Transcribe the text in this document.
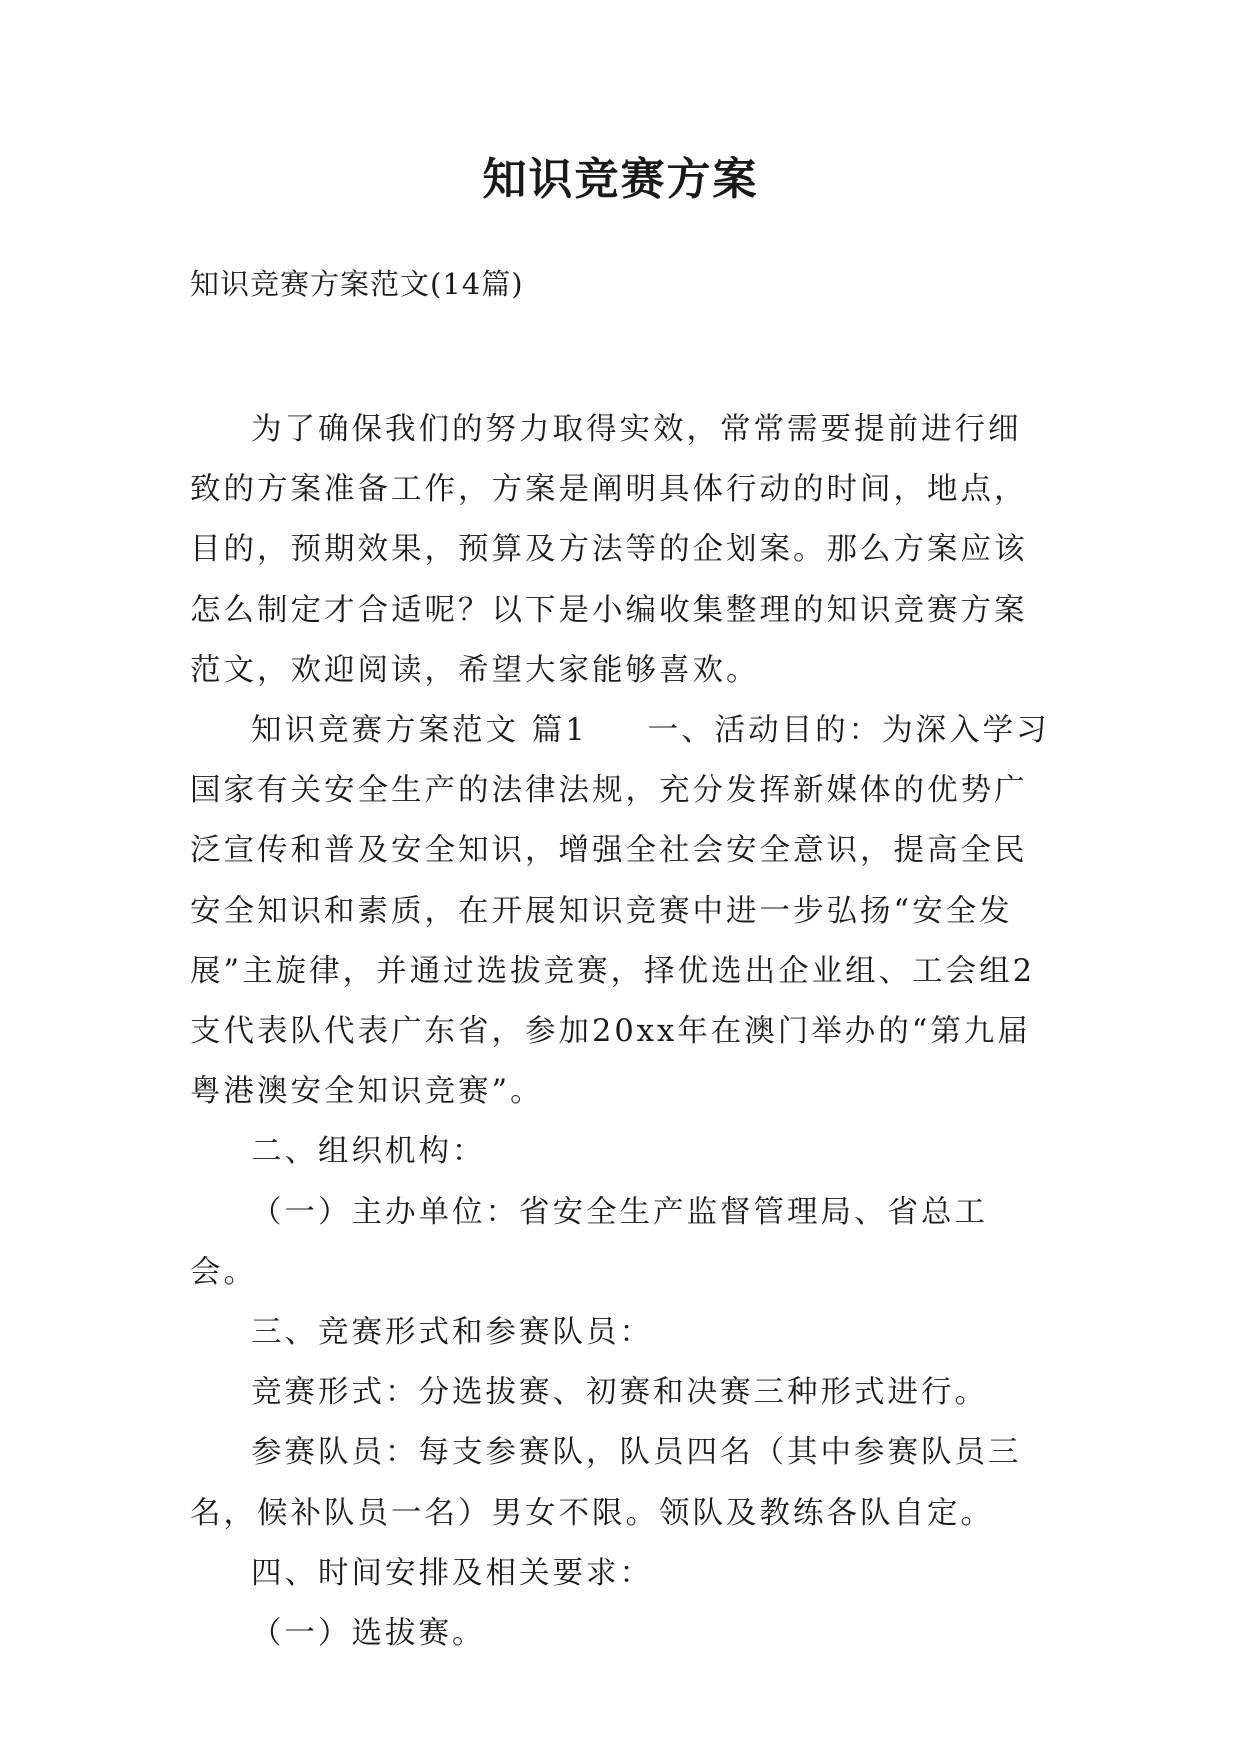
知识竞赛方案
知识竞赛方案范文(14篇)

为了确保我们的努力取得实效，常常需要提前进行细致的方案准备工作，方案是阐明具体行动的时间，地点，目的，预期效果，预算及方法等的企划案。那么方案应该怎么制定才合适呢？以下是小编收集整理的知识竞赛方案范文，欢迎阅读，希望大家能够喜欢。

知识竞赛方案范文 篇1 一、活动目的：为深入学习国家有关安全生产的法律法规，充分发挥新媒体的优势广泛宣传和普及安全知识，增强全社会安全意识，提高全民安全知识和素质，在开展知识竞赛中进一步弘扬“安全发展”主旋律，并通过选拔竞赛，择优选出企业组、工会组2支代表队代表广东省，参加20xx年在澳门举办的“第九届粤港澳安全知识竞赛”。

二、组织机构：

（一）主办单位：省安全生产监督管理局、省总工会。

三、竞赛形式和参赛队员：

竞赛形式：分选拔赛、初赛和决赛三种形式进行。

参赛队员：每支参赛队，队员四名（其中参赛队员三名，候补队员一名）男女不限。领队及教练各队自定。

四、时间安排及相关要求：

（一）选拔赛。
